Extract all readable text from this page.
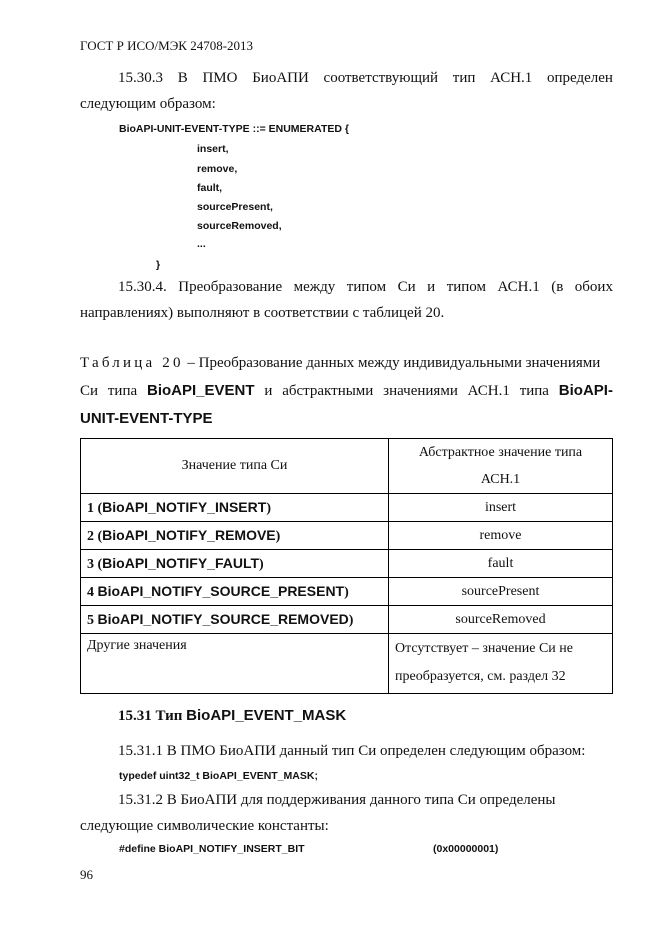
ГОСТ Р ИСО/МЭК 24708-2013
15.30.3 В ПМО БиоАПИ соответствующий тип АСН.1 определен
следующим образом:
BioAPI-UNIT-EVENT-TYPE ::= ENUMERATED {
insert,
remove,
fault,
sourcePresent,
sourceRemoved,
...
}
15.30.4. Преобразование между типом Си и типом АСН.1 (в обоих
направлениях) выполняют в соответствии с таблицей 20.
Таблица 20 – Преобразование данных между индивидуальными значениями
Си типа BioAPI_EVENT и абстрактными значениями АСН.1 типа BioAPI-
UNIT-EVENT-TYPE
Значение типа Си	Абстрактное значение типа
АСН.1
1 (BioAPI_NOTIFY_INSERT)	insert
2 (BioAPI_NOTIFY_REMOVE)	remove
3 (BioAPI_NOTIFY_FAULT)	fault
4 BioAPI_NOTIFY_SOURCE_PRESENT)	sourcePresent
5 BioAPI_NOTIFY_SOURCE_REMOVED)	sourceRemoved
Другие значения	Отсутствует – значение Си не
преобразуется, см. раздел 32
15.31 Тип BioAPI_EVENT_MASK
15.31.1 В ПМО БиоАПИ данный тип Си определен следующим образом:
typedef uint32_t BioAPI_EVENT_MASK;
15.31.2 В БиоАПИ для поддерживания данного типа Си определены
следующие символические константы:
#define BioAPI_NOTIFY_INSERT_BIT	(0x00000001)
96
